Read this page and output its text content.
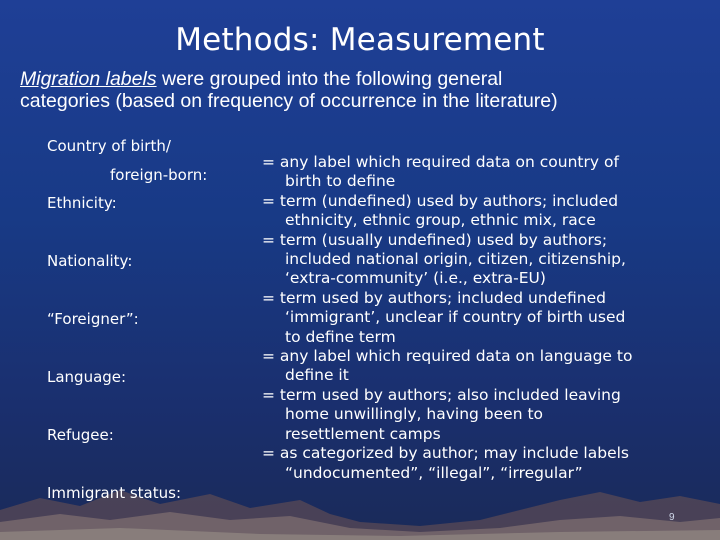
Methods: Measurement
Migration labels were grouped into the following general
categories (based on frequency of occurrence in the literature)
Country of birth/
foreign-born:
Ethnicity:
Nationality:
“Foreigner”:
Language:
Refugee:
Immigrant status:
= any label which required data on country of
birth to define
= term (undefined) used by authors; included
ethnicity, ethnic group, ethnic mix, race
= term (usually undefined) used by authors;
included national origin, citizen, citizenship,
‘extra-community’ (i.e., extra-EU)
= term used by authors; included undefined
‘immigrant’, unclear if country of birth used
to define term
= any label which required data on language to
define it
= term used by authors; also included leaving
home unwillingly, having been to
resettlement camps
= as categorized by author; may include labels
“undocumented”, “illegal”, “irregular”
9
